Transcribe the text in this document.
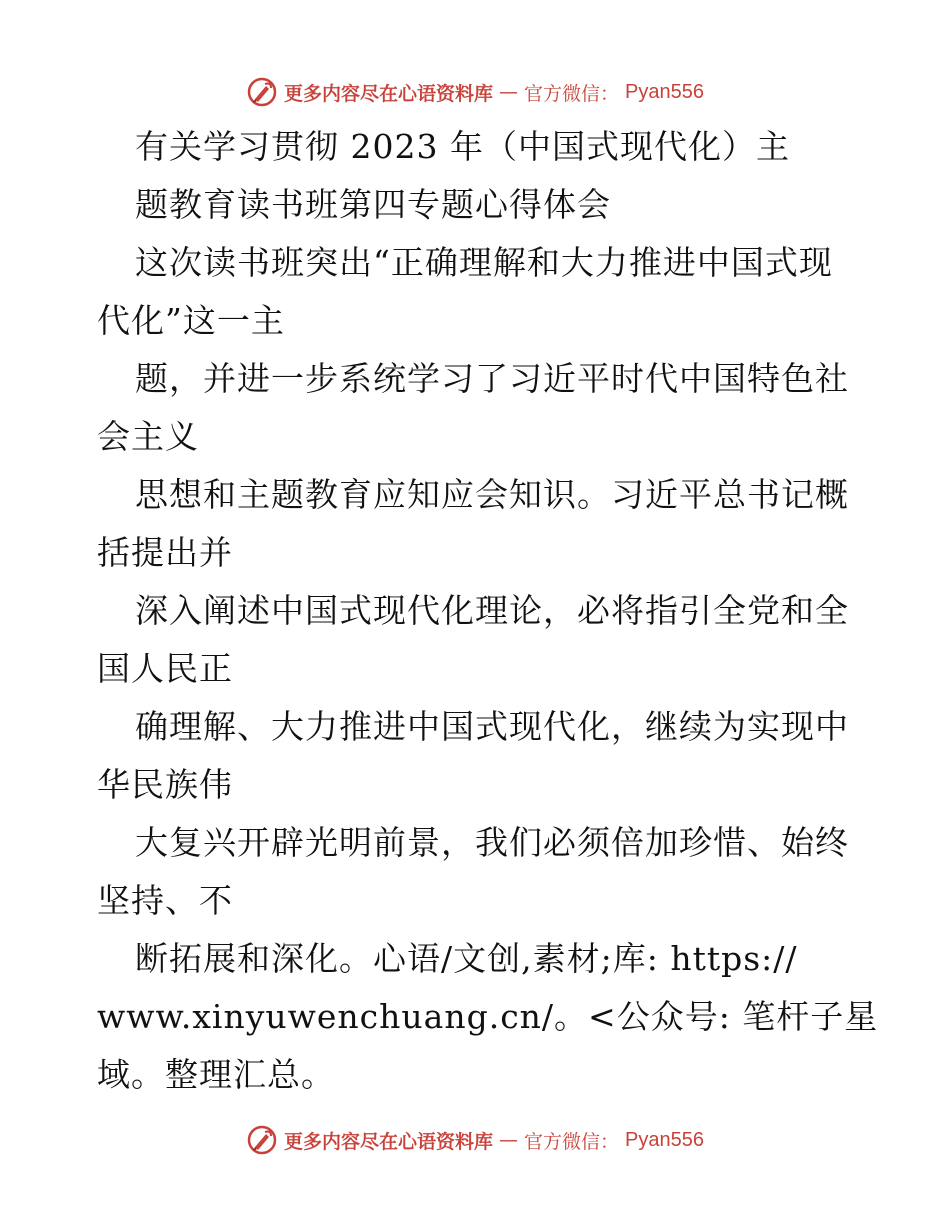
更多内容尽在心语资料库 — 官方微信： Pyan556
有关学习贯彻 2023 年（中国式现代化）主
题教育读书班第四专题心得体会
这次读书班突出“正确理解和大力推进中国式现
代化”这一主
题，并进一步系统学习了习近平时代中国特色社
会主义
思想和主题教育应知应会知识。习近平总书记概
括提出并
深入阐述中国式现代化理论，必将指引全党和全
国人民正
确理解、大力推进中国式现代化，继续为实现中
华民族伟
大复兴开辟光明前景，我们必须倍加珍惜、始终
坚持、不
断拓展和深化。心语/文创,素材;库: https://
www.xinyuwenchuang.cn/。<公众号: 笔杆子星
域。整理汇总。
更多内容尽在心语资料库 — 官方微信： Pyan556
